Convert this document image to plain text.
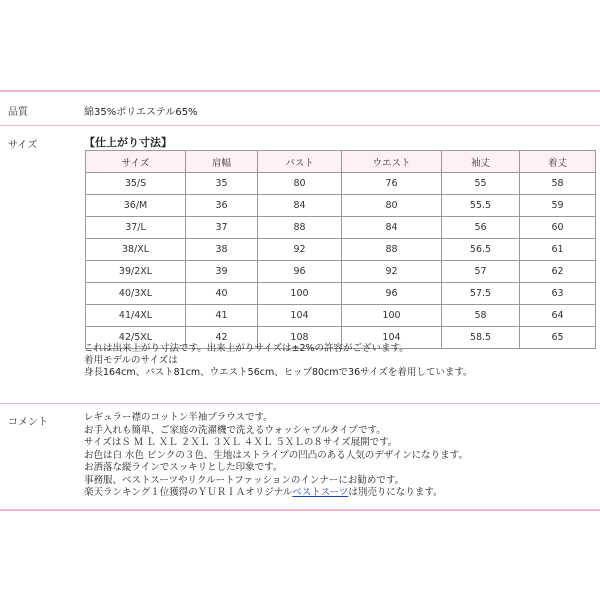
品質	綿35%ポリエステル65%
サイズ	【仕上がり寸法】
サイズ	肩幅	バスト	ウエスト	袖丈	着丈
35/S	35	80	76	55	58
36/M	36	84	80	55.5	59
37/L	37	88	84	56	60
38/XL	38	92	88	56.5	61
39/2XL	39	96	92	57	62
40/3XL	40	100	96	57.5	63
41/4XL	41	104	100	58	64
42/5XL	42	108	104	58.5	65
これは出来上がり寸法です。出来上がりサイズは±2%の許容がございます。
着用モデルのサイズは
身長164cm、バスト81cm、ウエスト56cm、ヒップ80cmで36サイズを着用しています。
コメント	レギュラー襟のコットン半袖ブラウスです。
お手入れも簡単、ご家庭の洗濯機で洗えるウォッシャブルタイプです。
サイズはＳ Ｍ Ｌ ＸＬ ２ＸＬ ３ＸＬ ４ＸＬ ５ＸＬの８サイズ展開です。
お色は白 水色 ピンクの３色、生地はストライプの凹凸のある人気のデザインになります。
お洒落な縦ラインでスッキリとした印象です。
事務服、ベストスーツやリクルートファッションのインナーにお勧めです。
楽天ランキング１位獲得のＹＵＲＩＡオリジナルベストスーツは別売りになります。
